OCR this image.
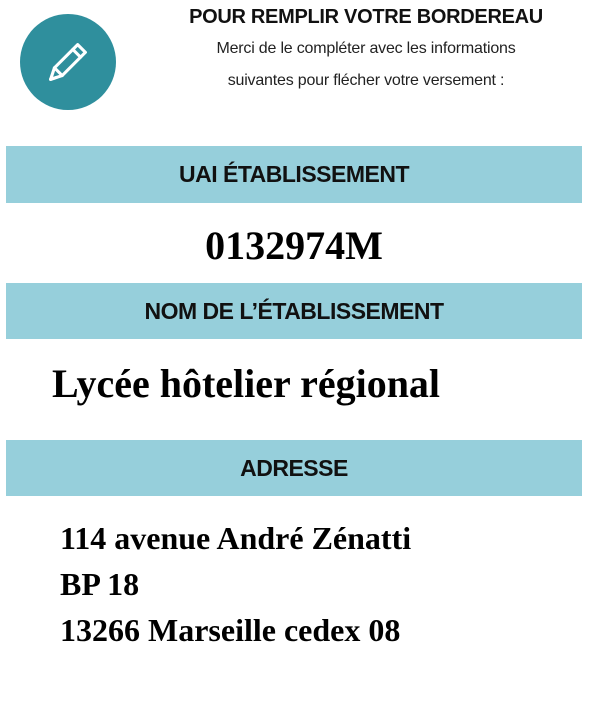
POUR REMPLIR VOTRE BORDEREAU
Merci de le compléter avec les informations
suivantes pour flécher votre versement :
UAI ÉTABLISSEMENT
0132974M
NOM DE L’ÉTABLISSEMENT
Lycée hôtelier régional
ADRESSE
114 avenue André Zénatti
BP 18
13266 Marseille cedex 08
